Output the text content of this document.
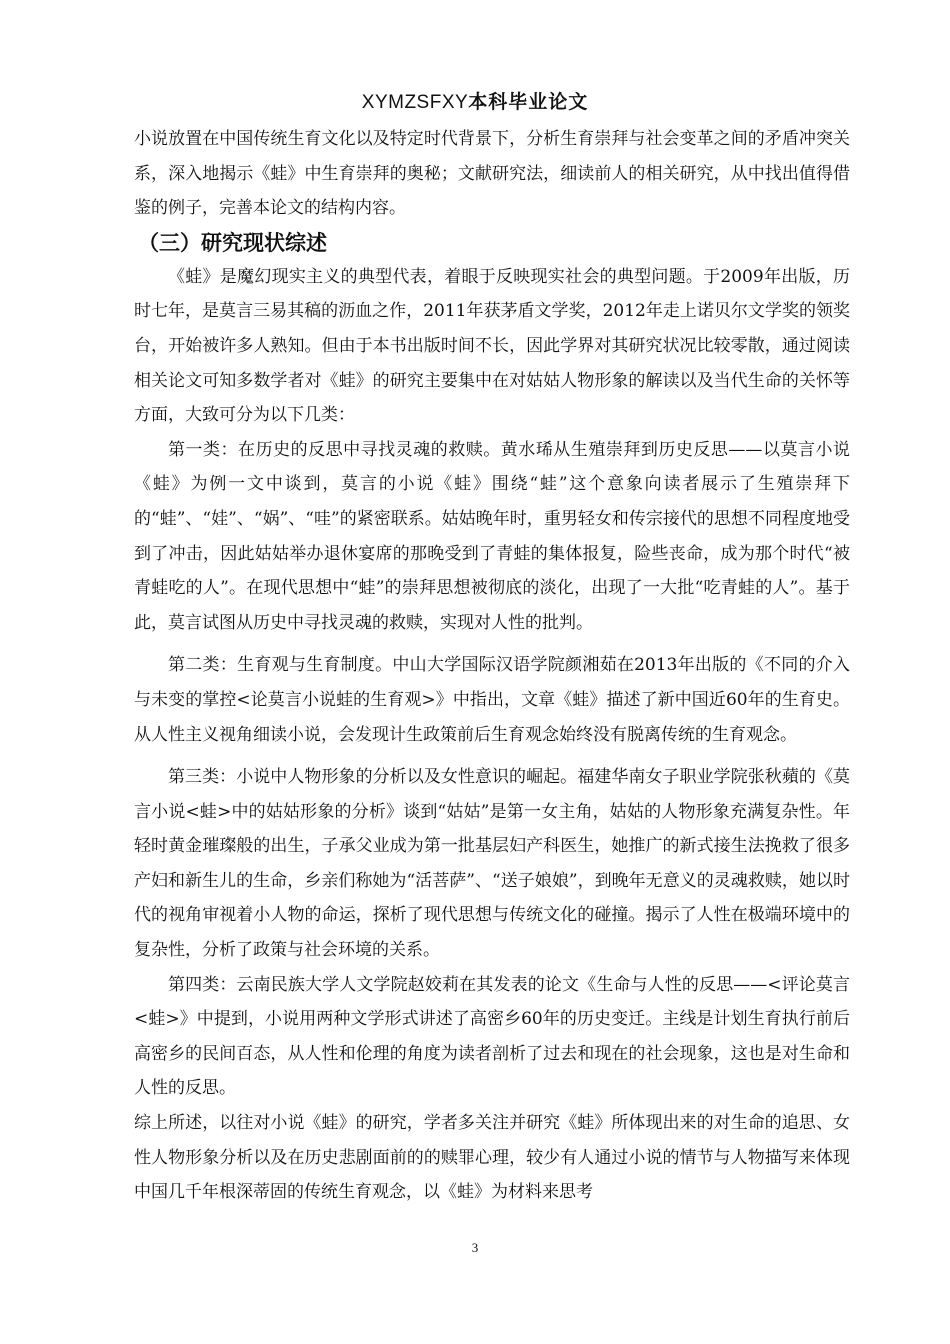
XYMZSFXY本科毕业论文

小说放置在中国传统生育文化以及特定时代背景下，分析生育崇拜与社会变革之间的矛盾冲突关系，深入地揭示《蛙》中生育崇拜的奥秘；文献研究法，细读前人的相关研究，从中找出值得借鉴的例子，完善本论文的结构内容。

（三）研究现状综述

《蛙》是魔幻现实主义的典型代表，着眼于反映现实社会的典型问题。于2009年出版，历时七年，是莫言三易其稿的沥血之作，2011年获茅盾文学奖，2012年走上诺贝尔文学奖的领奖台，开始被许多人熟知。但由于本书出版时间不长，因此学界对其研究状况比较零散，通过阅读相关论文可知多数学者对《蛙》的研究主要集中在对姑姑人物形象的解读以及当代生命的关怀等方面，大致可分为以下几类：

第一类：在历史的反思中寻找灵魂的救赎。黄水琋从生殖崇拜到历史反思——以莫言小说《蛙》为例一文中谈到，莫言的小说《蛙》围绕“蛙”这个意象向读者展示了生殖崇拜下的“蛙”、“娃”、“娲”、“哇”的紧密联系。姑姑晚年时，重男轻女和传宗接代的思想不同程度地受到了冲击，因此姑姑举办退休宴席的那晚受到了青蛙的集体报复，险些丧命，成为那个时代“被青蛙吃的人”。在现代思想中“蛙”的崇拜思想被彻底的淡化，出现了一大批“吃青蛙的人”。基于此，莫言试图从历史中寻找灵魂的救赎，实现对人性的批判。

第二类：生育观与生育制度。中山大学国际汉语学院颜湘茹在2013年出版的《不同的介入与未变的掌控<论莫言小说蛙的生育观>》中指出，文章《蛙》描述了新中国近60年的生育史。从人性主义视角细读小说，会发现计生政策前后生育观念始终没有脱离传统的生育观念。

第三类：小说中人物形象的分析以及女性意识的崛起。福建华南女子职业学院张秋蘋的《莫言小说<蛙>中的姑姑形象的分析》谈到“姑姑”是第一女主角，姑姑的人物形象充满复杂性。年轻时黄金璀璨般的出生，子承父业成为第一批基层妇产科医生，她推广的新式接生法挽救了很多产妇和新生儿的生命，乡亲们称她为“活菩萨”、“送子娘娘”，到晚年无意义的灵魂救赎，她以时代的视角审视着小人物的命运，探析了现代思想与传统文化的碰撞。揭示了人性在极端环境中的复杂性，分析了政策与社会环境的关系。

第四类：云南民族大学人文学院赵姣莉在其发表的论文《生命与人性的反思——<评论莫言<蛙>》中提到，小说用两种文学形式讲述了高密乡60年的历史变迁。主线是计划生育执行前后高密乡的民间百态，从人性和伦理的角度为读者剖析了过去和现在的社会现象，这也是对生命和人性的反思。

综上所述，以往对小说《蛙》的研究，学者多关注并研究《蛙》所体现出来的对生命的追思、女性人物形象分析以及在历史悲剧面前的的赎罪心理，较少有人通过小说的情节与人物描写来体现中国几千年根深蒂固的传统生育观念，以《蛙》为材料来思考

3
